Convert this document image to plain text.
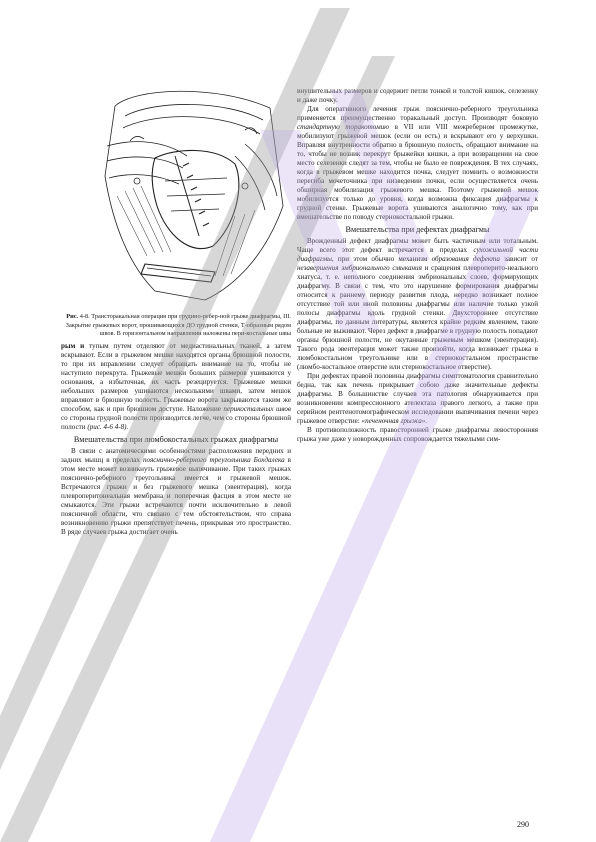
Рис. 4-8. Трансторакальная операция при грудино-ребер-ной грыже диафрагмы, III. Закрытие грыжевых ворот, прошивающихся ДО грудной стенки, Т-образным рядом швов. В горизонтальном направлении наложены пери-костальные швы

рым и тупым путем отделяют от медиастинальных тканей, а затем вскрывают. Если в грыжевом мешке находятся органы брюшной полости, то при их вправлении следует обращать внимание на то, чтобы не наступило перекрута. Грыжевые мешки больших размеров ушиваются у основания, а избыточная, их часть резецируется. Грыжевые мешки небольших размеров ушиваются несколькими швами, затем мешок вправляют в брюшную полость. Грыжевые ворота закрываются таким же способом, как и при брюшном доступе. Наложение перикостальных швов со стороны грудной полости производится легче, чем со стороны брюшной полости (рис. 4-6 4-8).

Вмешательства при люмбокостальных грыжах диафрагмы

В связи с анатомическими особенностями расположения передних и задних мышц в пределах пояснично-реберного треугольника Бохдалека в этом месте может возникнуть грыжевое выпячивание. При таких грыжах пояснично-реберного треугольника имеется и грыжевой мешок. Встречаются грыжи и без грыжевого мешка (эвентерация), когда плевроперитонеальная мембрана и поперечная фасция в этом месте не смыкаются. Эти грыжи встречаются почти исключительно в левой поясничной области, что связано с тем обстоятельством, что справа возникновению грыжи препятствует печень, прикрывая это пространство. В ряде случаев грыжа достигает очень

внушительных размеров и содержит петли тонкой и толстой кишок, селезенку и даже почку.

Для оперативного лечения грыж пояснично-реберного треугольника применяется преимущественно торакальный доступ. Производят боковую стандартную торакотомию в VII или VIII межреберном промежутке, мобилизуют грыжевой мешок (если он есть) и вскрывают его у верхушки. Вправляя внутренности обратно в брюшную полость, обращают внимание на то, чтобы не возник перекрут брыжейки кишки, а при возвращении на свое место селезенки следят за тем, чтобы не было ее повреждения. В тех случаях, когда в грыжевом мешке находится почка, следует помнить о возможности перегиба мочеточника при низведении почки, если осуществляется очень обширная мобилизация грыжевого мешка. Поэтому грыжевой мешок мобилизуется только до уровня, когда возможна фиксация диафрагмы к грудной стенке. Грыжевые ворота ушиваются аналогично тому, как при вмешательстве по поводу стернокостальной грыжи.

Вмешательства при дефектах диафрагмы

Врожденный дефект диафрагмы может быть частичным или тотальным. Чаще всего этот дефект встречается в пределах сухожильной части диафрагмы, при этом обычно механизм образования дефекта зависит от незавершения эмбрионального смыкания и сращения плевроперито-неального хиатуса, т. е. неполного соединения эмбриональных слоев, формирующих диафрагму. В связи с тем, что это нарушение формирования диафрагмы относится к раннему периоду развития плода, нередко возникает полное отсутствие той или иной половины диафрагмы или наличие только узкой полосы диафрагмы вдоль грудной стенки. Двухстороннее отсутствие диафрагмы, по данным литературы, является крайне редким явлением, такие больные не выживают. Через дефект в диафрагме в грудную полость попадают органы брюшной полости, не окутанные грыжевым мешком (эвентерация). Такого рода эвентерация может также произойти, когда возникает грыжа в люмбокостальном треугольнике или в стернокостальном пространстве (люмбо-костальное отверстие или стернокостальное отверстие).

При дефектах правой половины диафрагмы симптоматология сравнительно бедна, так как печень прикрывает собою даже значительные дефекты диафрагмы. В большинстве случаев эта патология обнаруживается при возникновении компрессионного ателектаза правого легкого, а также при серийном рентгенотомографическом исследовании выпячивания печени через грыжевое отверстие: «печеночная грыжа».

В противоположность правосторонней грыже диафрагмы левосторонняя грыжа уже даже у новорожденных сопровождается тяжелыми сим-

290
